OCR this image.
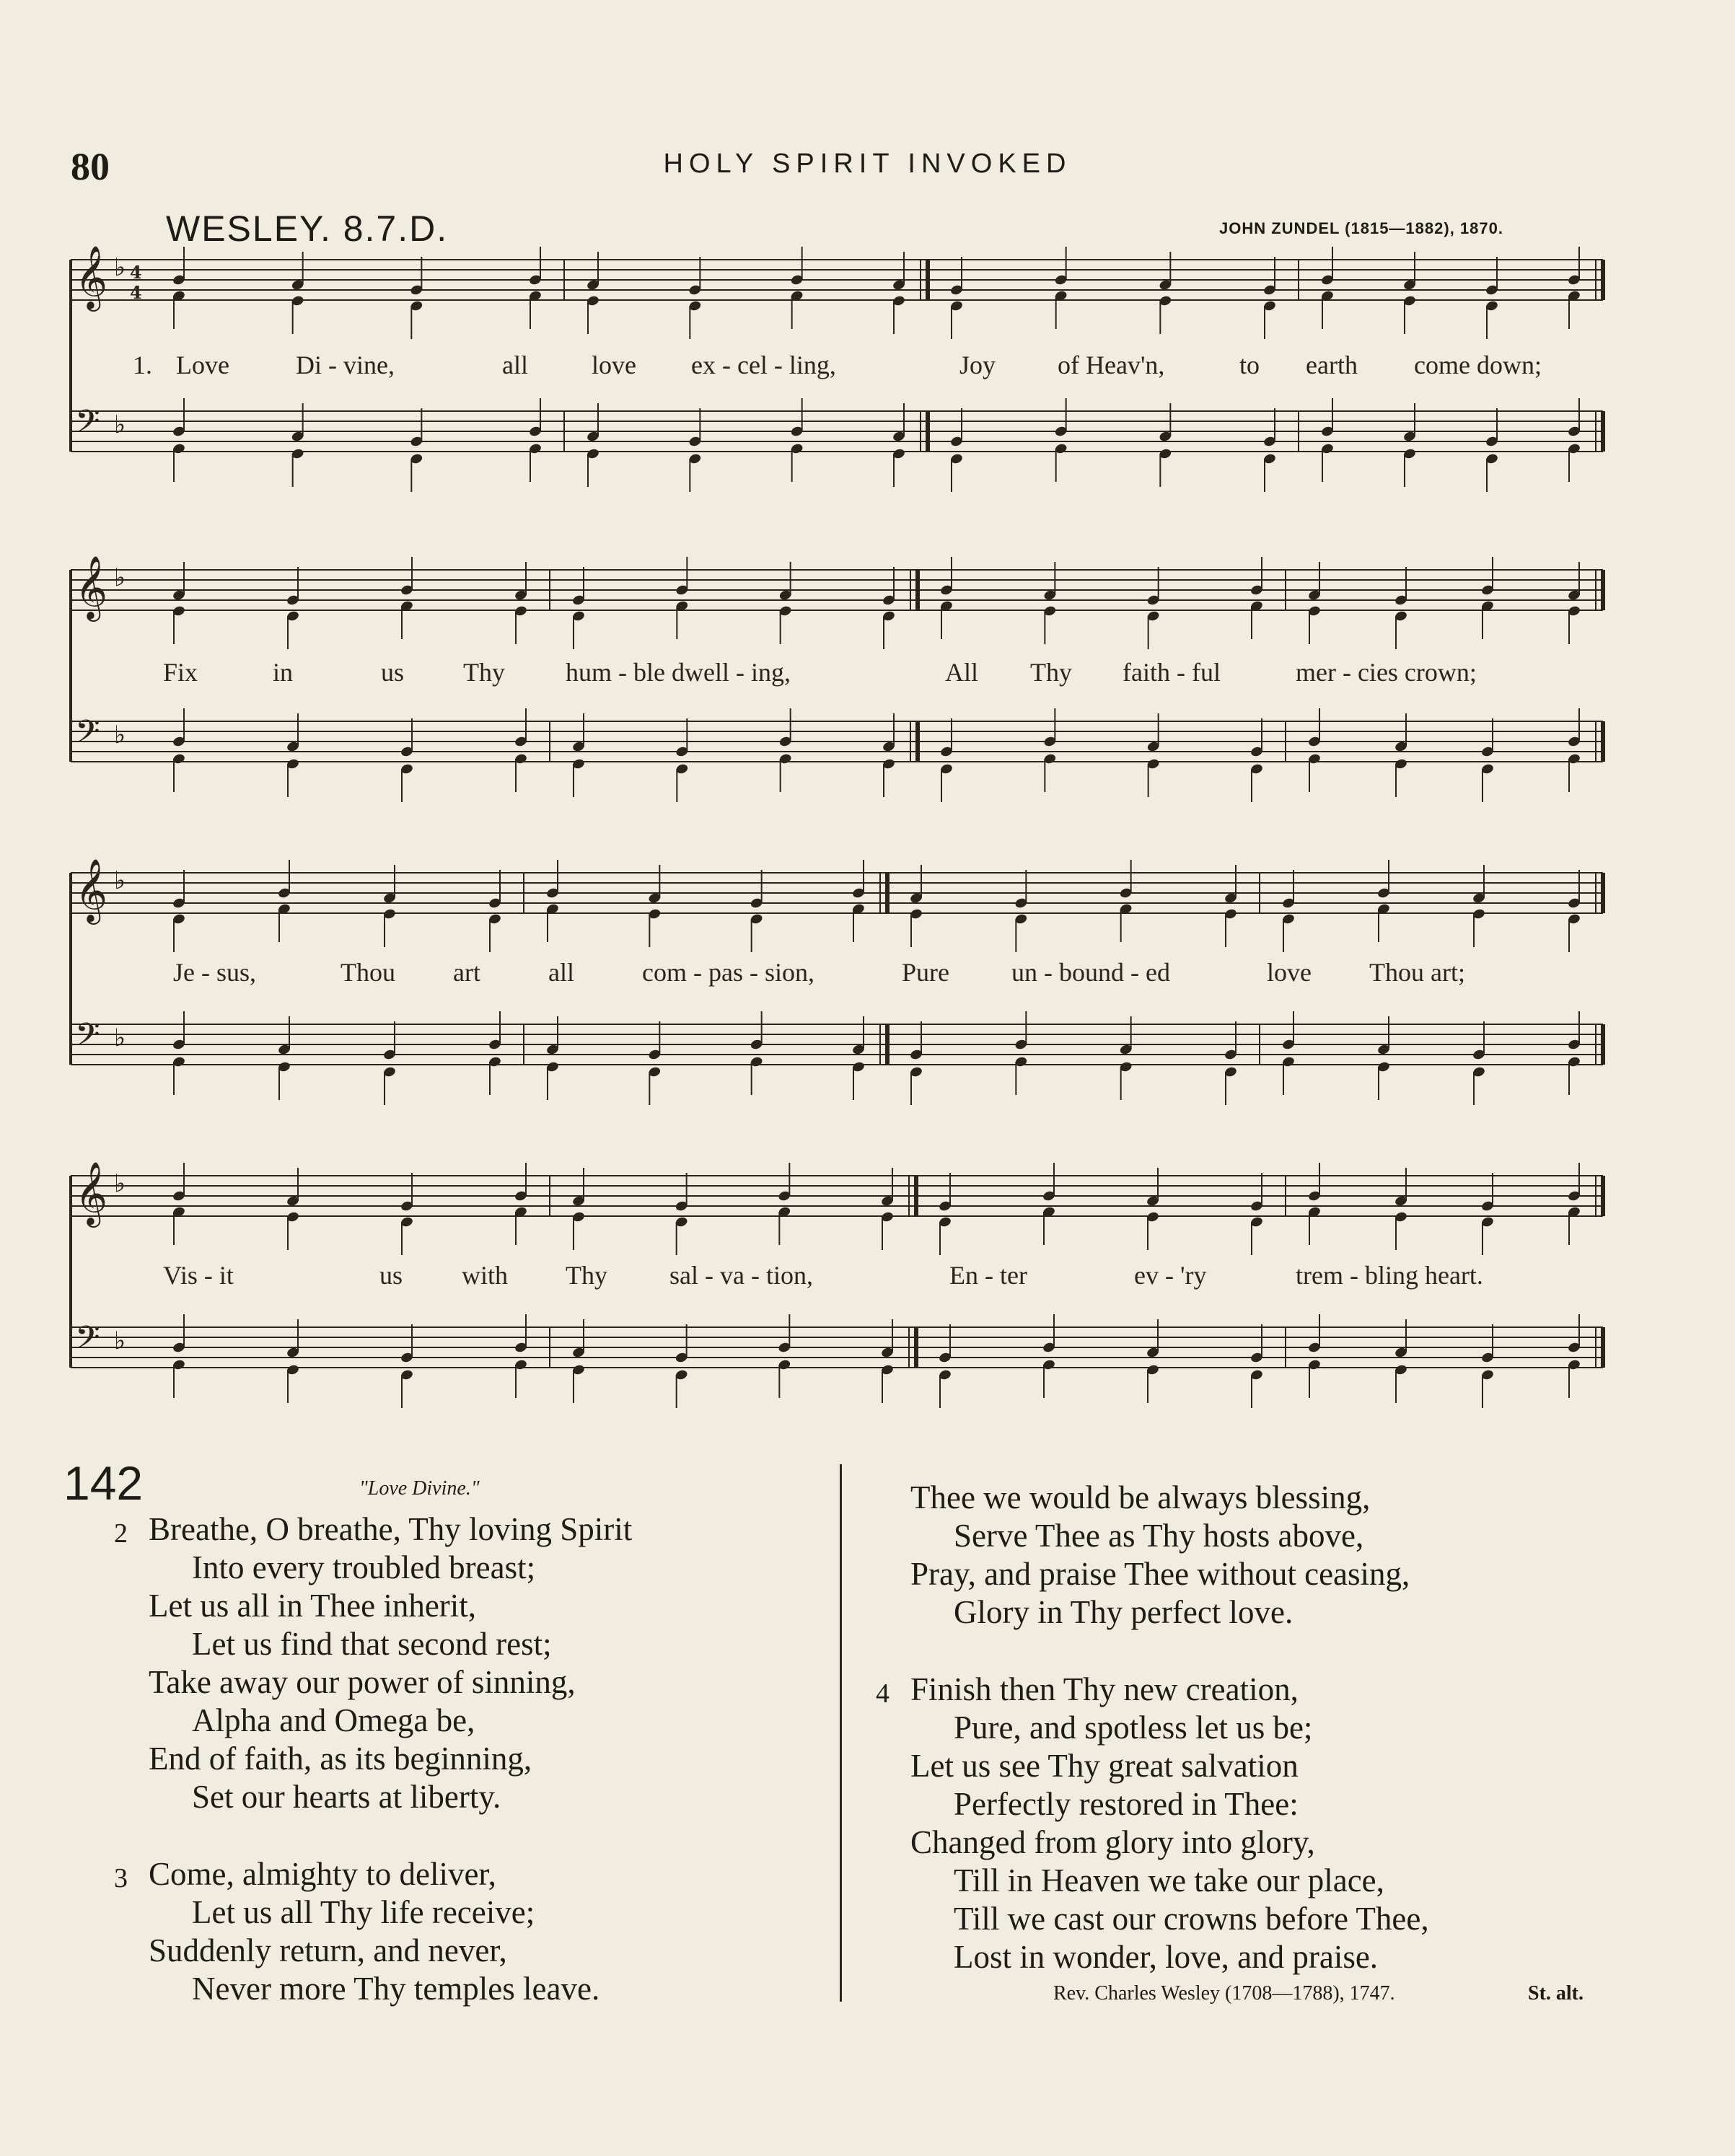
80	HOLY SPIRIT INVOKED
WESLEY. 8.7.D.	JOHN ZUNDEL (1815—1882), 1870.
𝄞
𝄢
♭
♭
4
4
𝄞
𝄢
♭
♭
𝄞
𝄢
♭
♭
𝄞
𝄢
♭
♭
1. Love	Di - vine,	all love ex - cel - ling,	Joy of Heav'n,	to earth come down;
Fix	in	us Thy hum - ble dwell - ing,	All Thy faith - ful	mer - cies crown;
Je - sus,	Thou art	all	com - pas - sion,	Pure un - bound - ed	love Thou art;
Vis - it	us with Thy sal - va - tion,	En - ter	ev - 'ry	trem - bling heart.
142	"Love Divine."
2 Breathe, O breathe, Thy loving Spirit
Into every troubled breast;
Let us all in Thee inherit,
Let us find that second rest;
Take away our power of sinning,
Alpha and Omega be,
End of faith, as its beginning,
Set our hearts at liberty.
3 Come, almighty to deliver,
Let us all Thy life receive;
Suddenly return, and never,
Never more Thy temples leave.
Thee we would be always blessing,
Serve Thee as Thy hosts above,
Pray, and praise Thee without ceasing,
Glory in Thy perfect love.
4 Finish then Thy new creation,
Pure, and spotless let us be;
Let us see Thy great salvation
Perfectly restored in Thee:
Changed from glory into glory,
Till in Heaven we take our place,
Till we cast our crowns before Thee,
Lost in wonder, love, and praise.
Rev. Charles Wesley (1708—1788), 1747.	St. alt.
